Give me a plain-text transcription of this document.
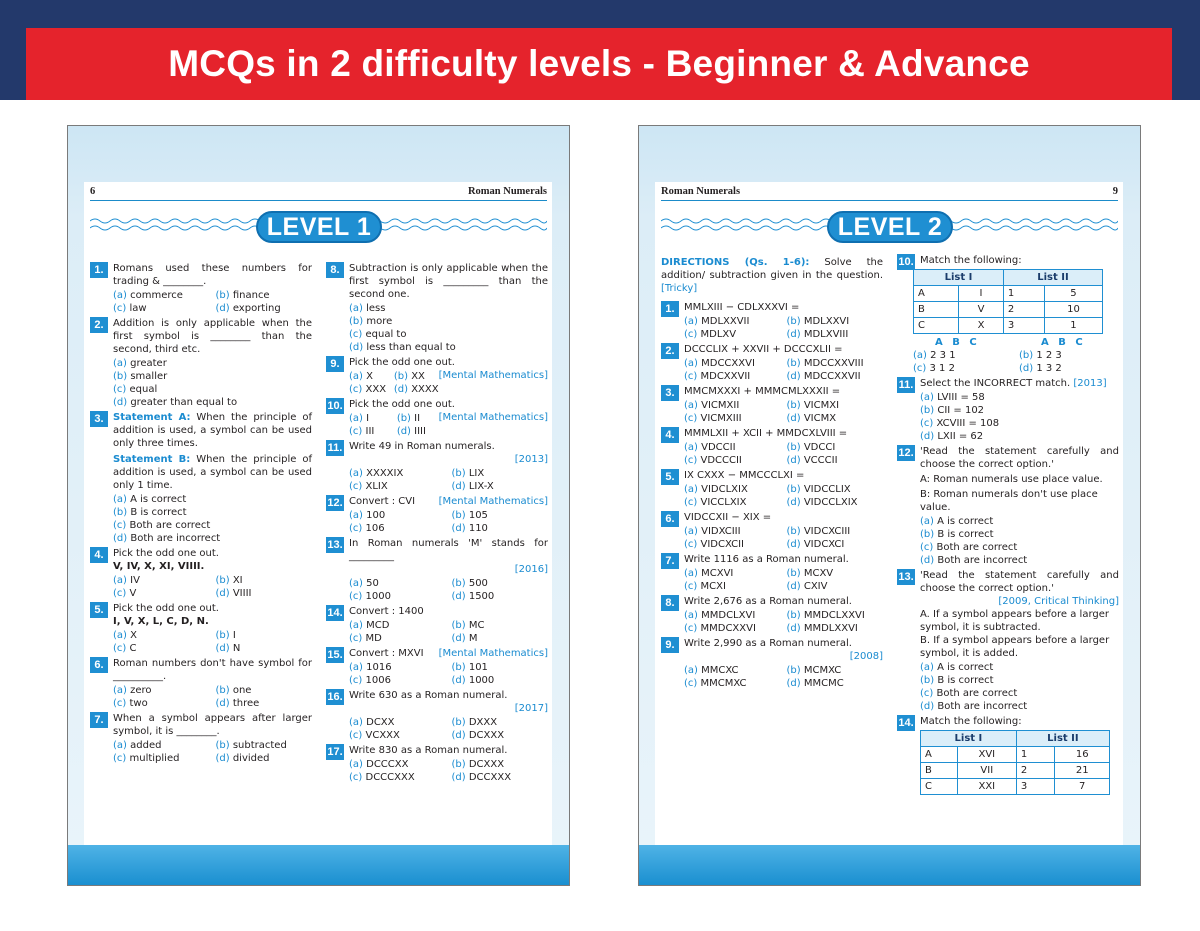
MCQs in 2 difficulty levels - Beginner & Advance
6	Roman Numerals
LEVEL 1
1. Romans used these numbers for trading & ________.
(a) commerce	(b) finance
(c) law	(d) exporting
2. Addition is only applicable when the first symbol is ________ than the second, third etc.
(a) greater
(b) smaller
(c) equal
(d) greater than equal to
3. Statement A: When the principle of addition is used, a symbol can be used only three times.
Statement B: When the principle of addition is used, a symbol can be used only 1 time.
(a) A is correct
(b) B is correct
(c) Both are correct
(d) Both are incorrect
4. Pick the odd one out.
V, IV, X, XI, VIIII.
(a) IV	(b) XI
(c) V	(d) VIIII
5. Pick the odd one out.
I, V, X, L, C, D, N.
(a) X	(b) I
(c) C	(d) N
6. Roman numbers don't have symbol for __________.
(a) zero	(b) one
(c) two	(d) three
7. When a symbol appears after larger symbol, it is ________.
(a) added	(b) subtracted
(c) multiplied	(d) divided
8. Subtraction is only applicable when the first symbol is _________ than the second one.
(a) less
(b) more
(c) equal to
(d) less than equal to
9. Pick the odd one out.
[Mental Mathematics]
(a) X	(b) XX
(c) XXX (d) XXXX
10. Pick the odd one out.
[Mental Mathematics]
(a) I	(b) II
(c) III	(d) IIII
11. Write 49 in Roman numerals.
[2013]
(a) XXXXIX	(b) LIX
(c) XLIX	(d) LIX-X
12. Convert : CVI [Mental Mathematics]
(a) 100	(b) 105
(c) 106	(d) 110
13. In Roman numerals 'M' stands for _________
[2016]
(a) 50	(b) 500
(c) 1000	(d) 1500
14. Convert : 1400
(a) MCD	(b) MC
(c) MD	(d) M
15. Convert : MXVI [Mental Mathematics]
(a) 1016	(b) 101
(c) 1006	(d) 1000
16. Write 630 as a Roman numeral.
[2017]
(a) DCXX	(b) DXXX
(c) VCXXX	(d) DCXXX
17. Write 830 as a Roman numeral.
(a) DCCCXX	(b) DCXXX
(c) DCCCXXX	(d) DCCXXX
Roman Numerals	9
LEVEL 2
DIRECTIONS (Qs. 1-6): Solve the addition/ subtraction given in the question. [Tricky]
1. MMLXIII − CDLXXXVI =
(a) MDLXXVII	(b) MDLXXVI
(c) MDLXV	(d) MDLXVIII
2. DCCCLIX + XXVII + DCCCXLII =
(a) MDCCXXVI	(b) MDCCXXVIII
(c) MDCXXVII	(d) MDCCXXVII
3. MMCMXXXI + MMMCMLXXXII =
(a) VICMXII	(b) VICMXI
(c) VICMXIII	(d) VICMX
4. MMMLXII + XCII + MMDCXLVIII =
(a) VDCCII	(b) VDCCI
(c) VDCCCII	(d) VCCCII
5. IX CXXX − MMCCCLXI =
(a) VIDCLXIX	(b) VIDCCLIX
(c) VICCLXIX	(d) VIDCCLXIX
6. VIDCCXII − XIX =
(a) VIDXCIII	(b) VIDCXCIII
(c) VIDCXCII	(d) VIDCXCI
7. Write 1116 as a Roman numeral.
(a) MCXVI	(b) MCXV
(c) MCXI	(d) CXIV
8. Write 2,676 as a Roman numeral.
(a) MMDCLXVI	(b) MMDCLXXVI
(c) MMDCXXVI	(d) MMDLXXVI
9. Write 2,990 as a Roman numeral.
[2008]
(a) MMCXC	(b) MCMXC
(c) MMCMXC	(d) MMCMC
10. Match the following:
List I		List II	
A	I	1	5
B	V	2	10
C	X	3	1
A B C	A B C
(a) 2 3 1	(b) 1 2 3
(c) 3 1 2	(d) 1 3 2
11. Select the INCORRECT match. [2013]
(a) LVIII = 58
(b) CII = 102
(c) XCVIII = 108
(d) LXII = 62
12. 'Read the statement carefully and choose the correct option.'
A: Roman numerals use place value.
B: Roman numerals don't use place value.
(a) A is correct
(b) B is correct
(c) Both are correct
(d) Both are incorrect
13. 'Read the statement carefully and choose the correct option.'
[2009, Critical Thinking]
A. If a symbol appears before a larger symbol, it is subtracted.
B. If a symbol appears before a larger symbol, it is added.
(a) A is correct
(b) B is correct
(c) Both are correct
(d) Both are incorrect
14. Match the following:
List I		List II	
A	XVI	1	16
B	VII	2	21
C	XXI	3	7
